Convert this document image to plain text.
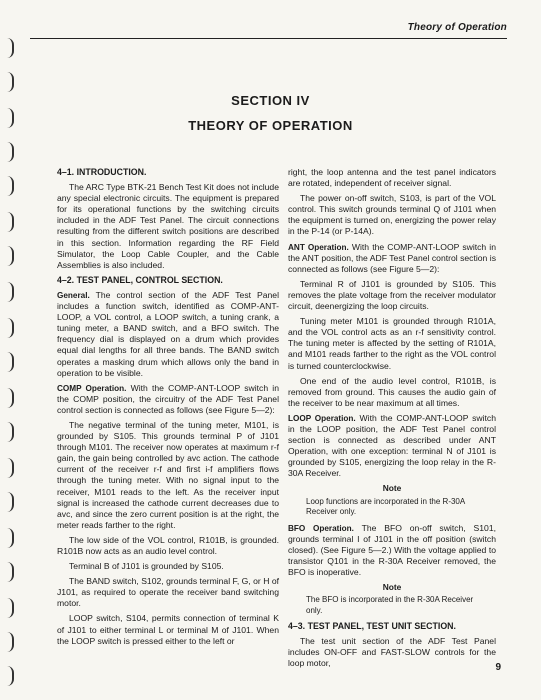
Theory of Operation
SECTION IV
THEORY OF OPERATION
4–1. INTRODUCTION.

The ARC Type BTK-21 Bench Test Kit does not include any special electronic circuits. The equipment is prepared for its operational functions by the switching circuits included in the ADF Test Panel. The circuit connections resulting from the different switch positions are described in this section. Information regarding the RF Field Simulator, the Loop Cable Coupler, and the Cable Assemblies is also included.

4–2. TEST PANEL, CONTROL SECTION.

General. The control section of the ADF Test Panel includes a function switch, identified as COMP-ANT-LOOP, a VOL control, a LOOP switch, a tuning crank, a tuning meter, a BAND switch, and a BFO switch. The frequency dial is displayed on a drum which provides equal dial lengths for all three bands. The BAND switch operates a masking drum which allows only the band in operation to be visible.

COMP Operation. With the COMP-ANT-LOOP switch in the COMP position, the circuitry of the ADF Test Panel control section is connected as follows (see Figure 5—2):

The negative terminal of the tuning meter, M101, is grounded by S105. This grounds terminal P of J101 through M101. The receiver now operates at maximum r-f gain, the gain being controlled by avc action. The cathode current of the receiver r-f and first i-f amplifiers flows through the tuning meter. With no signal input to the receiver, M101 reads to the left. As the receiver input signal is increased the cathode current decreases due to avc, and since the zero current position is at the right, the meter reads farther to the right.

The low side of the VOL control, R101B, is grounded. R101B now acts as an audio level control.

Terminal B of J101 is grounded by S105.

The BAND switch, S102, grounds terminal F, G, or H of J101, as required to operate the receiver band switching motor.

LOOP switch, S104, permits connection of terminal K of J101 to either terminal L or terminal M of J101. When the LOOP switch is pressed either to the left or

right, the loop antenna and the test panel indicators are rotated, independent of receiver signal.

The power on-off switch, S103, is part of the VOL control. This switch grounds terminal Q of J101 when the equipment is turned on, energizing the power relay in the P-14 (or P-14A).

ANT Operation. With the COMP-ANT-LOOP switch in the ANT position, the ADF Test Panel control section is connected as follows (see Figure 5—2):

Terminal R of J101 is grounded by S105. This removes the plate voltage from the receiver modulator circuit, deenergizing the loop circuits.

Tuning meter M101 is grounded through R101A, and the VOL control acts as an r-f sensitivity control. The tuning meter is affected by the setting of R101A, and M101 reads farther to the right as the VOL control is turned counterclockwise.

One end of the audio level control, R101B, is removed from ground. This causes the audio gain of the receiver to be near maximum at all times.

LOOP Operation. With the COMP-ANT-LOOP switch in the LOOP position, the ADF Test Panel control section is connected as described under ANT Operation, with one exception: terminal N of J101 is grounded by S105, energizing the loop relay in the R-30A Receiver.

Note
Loop functions are incorporated in the R-30A Receiver only.

BFO Operation. The BFO on-off switch, S101, grounds terminal I of J101 in the off position (switch closed). (See Figure 5—2.) With the voltage applied to transistor Q101 in the R-30A Receiver removed, the BFO is inoperative.

Note
The BFO is incorporated in the R-30A Receiver only.
4–3. TEST PANEL, TEST UNIT SECTION.

The test unit section of the ADF Test Panel includes ON-OFF and FAST-SLOW controls for the loop motor,	9
